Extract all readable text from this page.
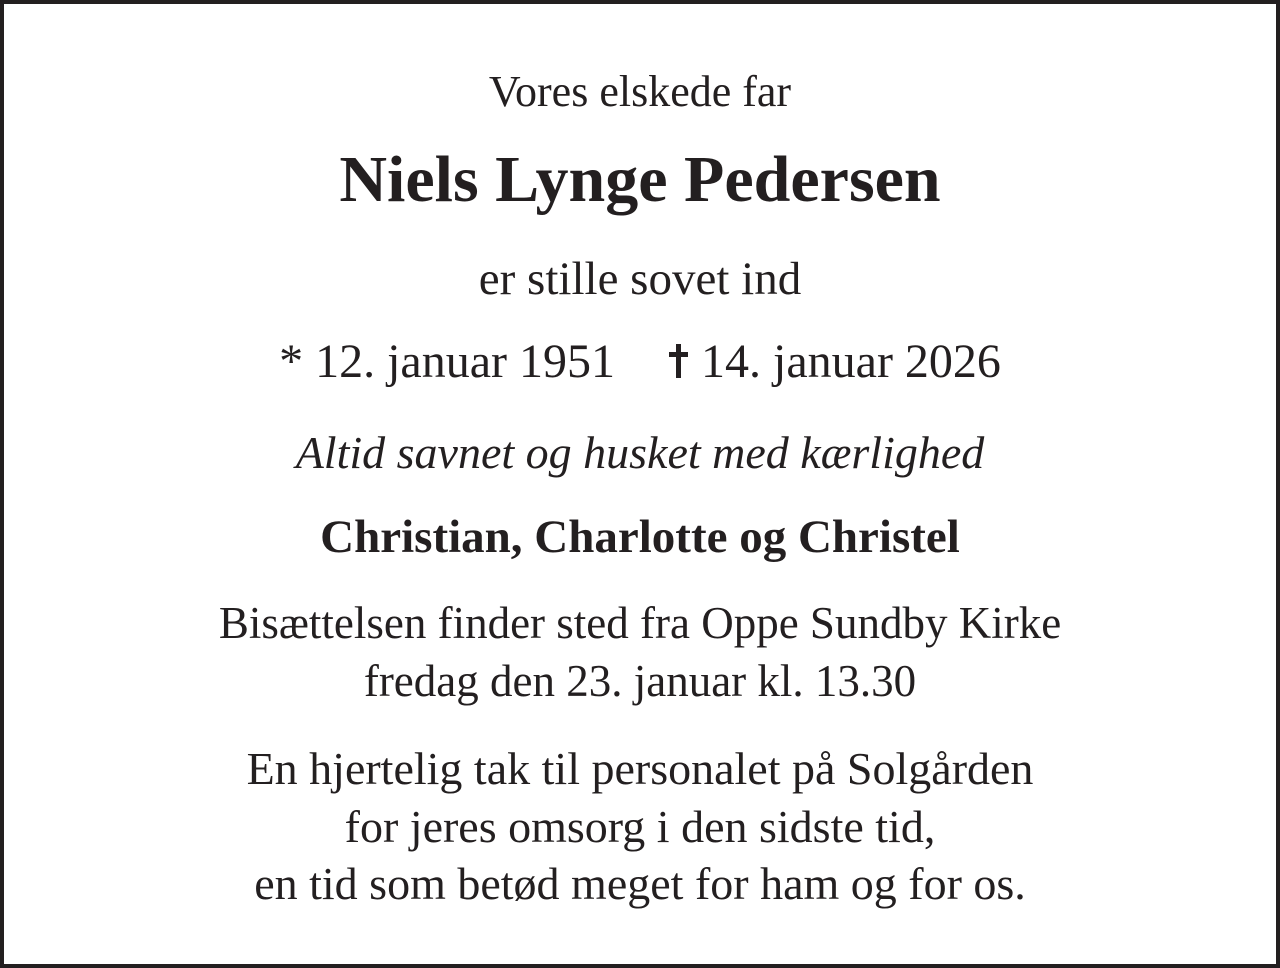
Vores elskede far
Niels Lynge Pedersen
er stille sovet ind
* 12. januar 1951 14. januar 2026
Altid savnet og husket med kærlighed
Christian, Charlotte og Christel
Bisættelsen finder sted fra Oppe Sundby Kirke
fredag den 23. januar kl. 13.30
En hjertelig tak til personalet på Solgården
for jeres omsorg i den sidste tid,
en tid som betød meget for ham og for os.
